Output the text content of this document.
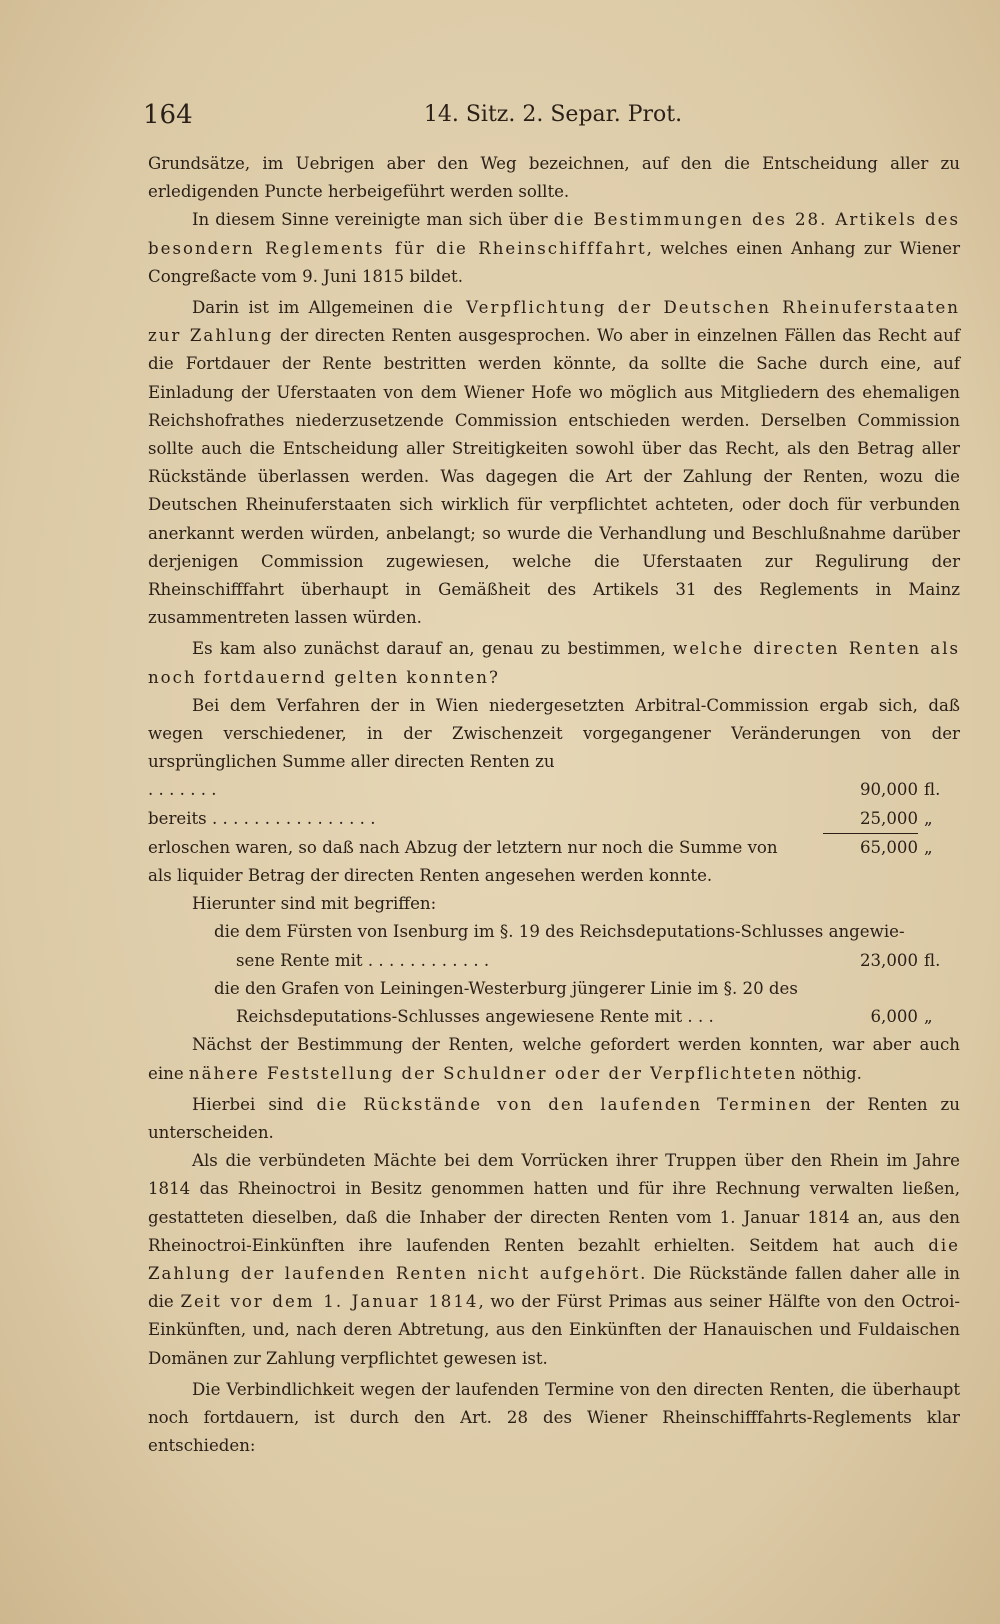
164	14. Sitz. 2. Separ. Prot.

Grundsätze, im Uebrigen aber den Weg bezeichnen, auf den die Entscheidung aller zu erledigenden Puncte herbeigeführt werden sollte.

In diesem Sinne vereinigte man sich über die Bestimmungen des 28. Artikels des besondern Reglements für die Rheinschifffahrt, welches einen Anhang zur Wiener Congreßacte vom 9. Juni 1815 bildet.

Darin ist im Allgemeinen die Verpflichtung der Deutschen Rheinuferstaaten zur Zahlung der directen Renten ausgesprochen. Wo aber in einzelnen Fällen das Recht auf die Fortdauer der Rente bestritten werden könnte, da sollte die Sache durch eine, auf Einladung der Uferstaaten von dem Wiener Hofe wo möglich aus Mitgliedern des ehemaligen Reichshofrathes niederzusetzende Commission entschieden werden. Derselben Commission sollte auch die Entscheidung aller Streitigkeiten sowohl über das Recht, als den Betrag aller Rückstände überlassen werden. Was dagegen die Art der Zahlung der Renten, wozu die Deutschen Rheinuferstaaten sich wirklich für verpflichtet achteten, oder doch für verbunden anerkannt werden würden, anbelangt; so wurde die Verhandlung und Beschlußnahme darüber derjenigen Commission zugewiesen, welche die Uferstaaten zur Regulirung der Rheinschifffahrt überhaupt in Gemäßheit des Artikels 31 des Reglements in Mainz zusammentreten lassen würden.

Es kam also zunächst darauf an, genau zu bestimmen, welche directen Renten als noch fortdauernd gelten konnten?

Bei dem Verfahren der in Wien niedergesetzten Arbitral-Commission ergab sich, daß wegen verschiedener, in der Zwischenzeit vorgegangener Veränderungen von der ursprünglichen Summe aller directen Renten zu

. . . . . . .	90,000 fl.
bereits . . . . . . . . . . . . . . . .	25,000 „
erloschen waren, so daß nach Abzug der letztern nur noch die Summe von	65,000 „

als liquider Betrag der directen Renten angesehen werden konnte.

Hierunter sind mit begriffen:

die dem Fürsten von Isenburg im §. 19 des Reichsdeputations-Schlusses angewie-
sene Rente mit . . . . . . . . . . . .	23,000 fl.
die den Grafen von Leiningen-Westerburg jüngerer Linie im §. 20 des
Reichsdeputations-Schlusses angewiesene Rente mit . . .	6,000 „

Nächst der Bestimmung der Renten, welche gefordert werden konnten, war aber auch eine nähere Feststellung der Schuldner oder der Verpflichteten nöthig.

Hierbei sind die Rückstände von den laufenden Terminen der Renten zu unterscheiden.

Als die verbündeten Mächte bei dem Vorrücken ihrer Truppen über den Rhein im Jahre 1814 das Rheinoctroi in Besitz genommen hatten und für ihre Rechnung verwalten ließen, gestatteten dieselben, daß die Inhaber der directen Renten vom 1. Januar 1814 an, aus den Rheinoctroi-Einkünften ihre laufenden Renten bezahlt erhielten. Seitdem hat auch die Zahlung der laufenden Renten nicht aufgehört. Die Rückstände fallen daher alle in die Zeit vor dem 1. Januar 1814, wo der Fürst Primas aus seiner Hälfte von den Octroi-Einkünften, und, nach deren Abtretung, aus den Einkünften der Hanauischen und Fuldaischen Domänen zur Zahlung verpflichtet gewesen ist.

Die Verbindlichkeit wegen der laufenden Termine von den directen Renten, die überhaupt noch fortdauern, ist durch den Art. 28 des Wiener Rheinschifffahrts-Reglements klar entschieden:
